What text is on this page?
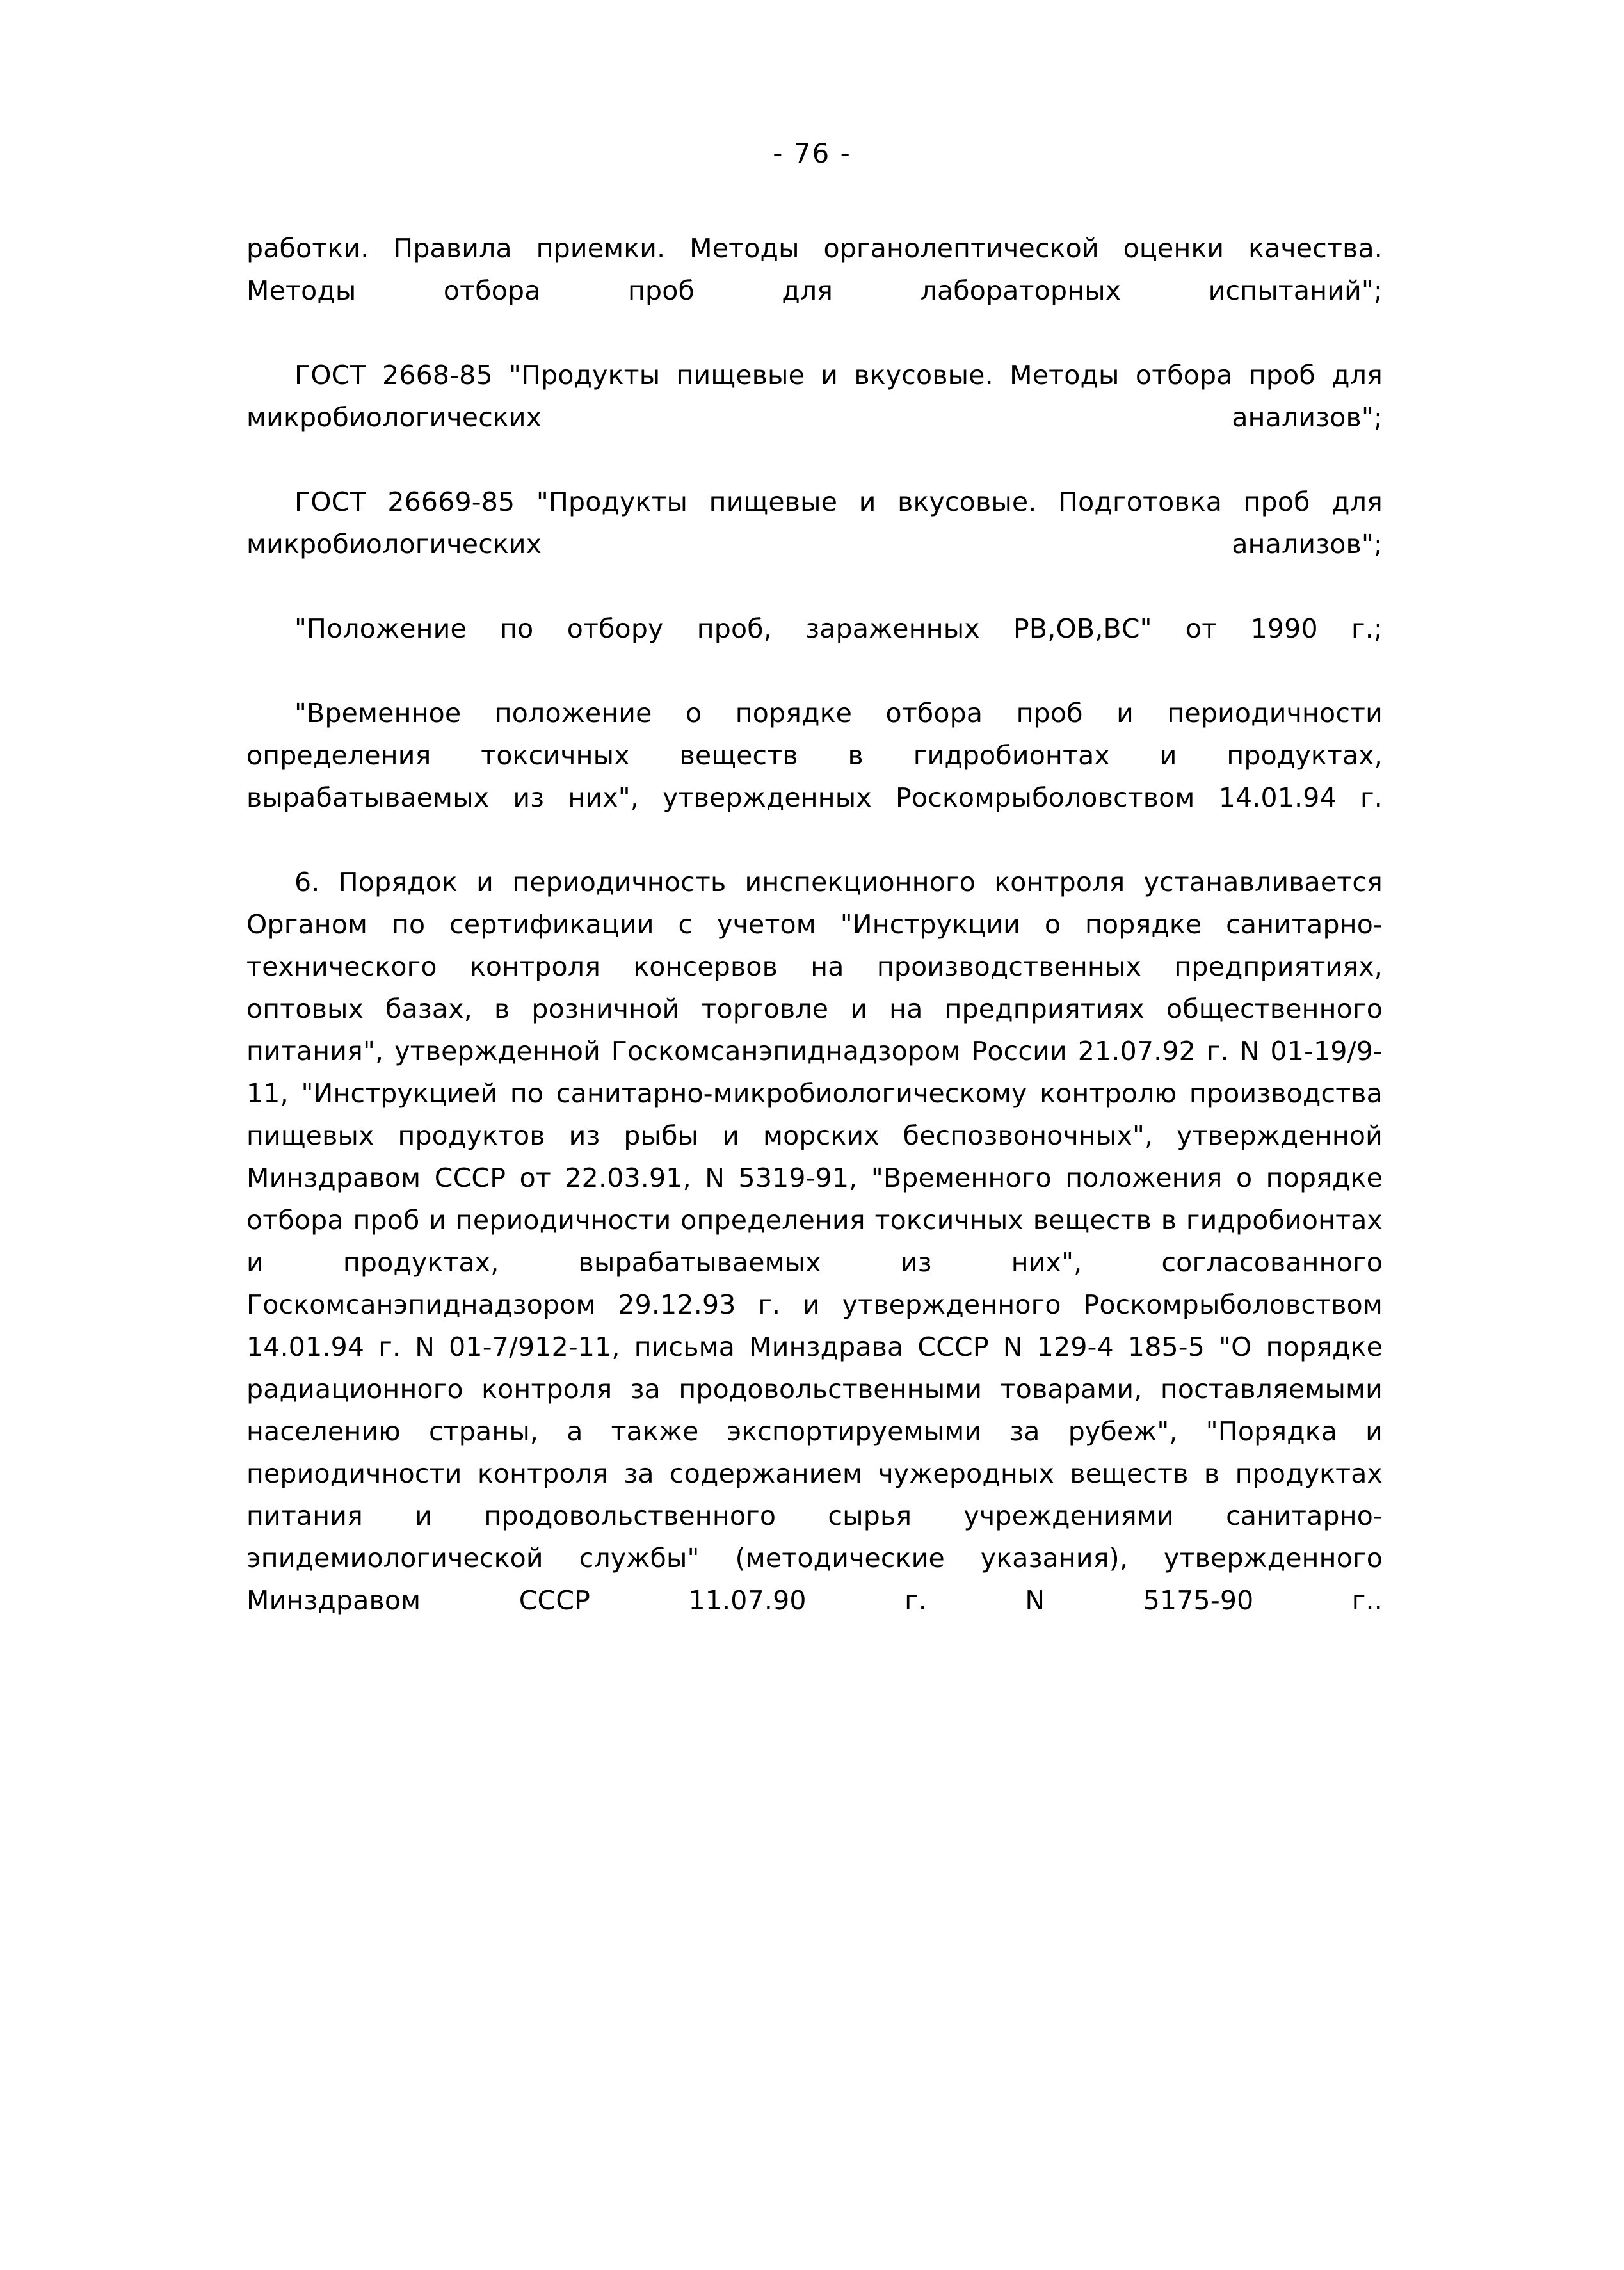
- 76 -

работки. Правила приемки. Методы органолептической оценки качества. Методы отбора проб для лабораторных испытаний";

ГОСТ 2668-85 "Продукты пищевые и вкусовые. Методы отбора проб для микробиологических анализов";

ГОСТ 26669-85 "Продукты пищевые и вкусовые. Подготовка проб для микробиологических анализов";

"Положение по отбору проб, зараженных РВ,ОВ,ВС" от 1990 г.;

"Временное положение о порядке отбора проб и периодичности определения токсичных веществ в гидробионтах и продуктах, вырабатываемых из них", утвержденных Роскомрыболовством 14.01.94 г.

6. Порядок и периодичность инспекционного контроля устанавливается Органом по сертификации с учетом "Инструкции о порядке санитарно-технического контроля консервов на производственных предприятиях, оптовых базах, в розничной торговле и на предприятиях общественного питания", утвержденной Госкомсанэпиднадзором России 21.07.92 г. N 01-19/9-11, "Инструкцией по санитарно-микробиологическому контролю производства пищевых продуктов из рыбы и морских беспозвоночных", утвержденной Минздравом СССР от 22.03.91, N 5319-91, "Временного положения о порядке отбора проб и периодичности определения токсичных веществ в гидробионтах и продуктах, вырабатываемых из них", согласованного Госкомсанэпиднадзором 29.12.93 г. и утвержденного Роскомрыболовством 14.01.94 г. N 01-7/912-11, письма Минздрава СССР N 129-4 185-5 "О порядке радиационного контроля за продовольственными товарами, поставляемыми населению страны, а также экспортируемыми за рубеж", "Порядка и периодичности контроля за содержанием чужеродных веществ в продуктах питания и продовольственного сырья учреждениями санитарно-эпидемиологической службы" (методические указания), утвержденного Минздравом СССР 11.07.90 г. N 5175-90 г..
